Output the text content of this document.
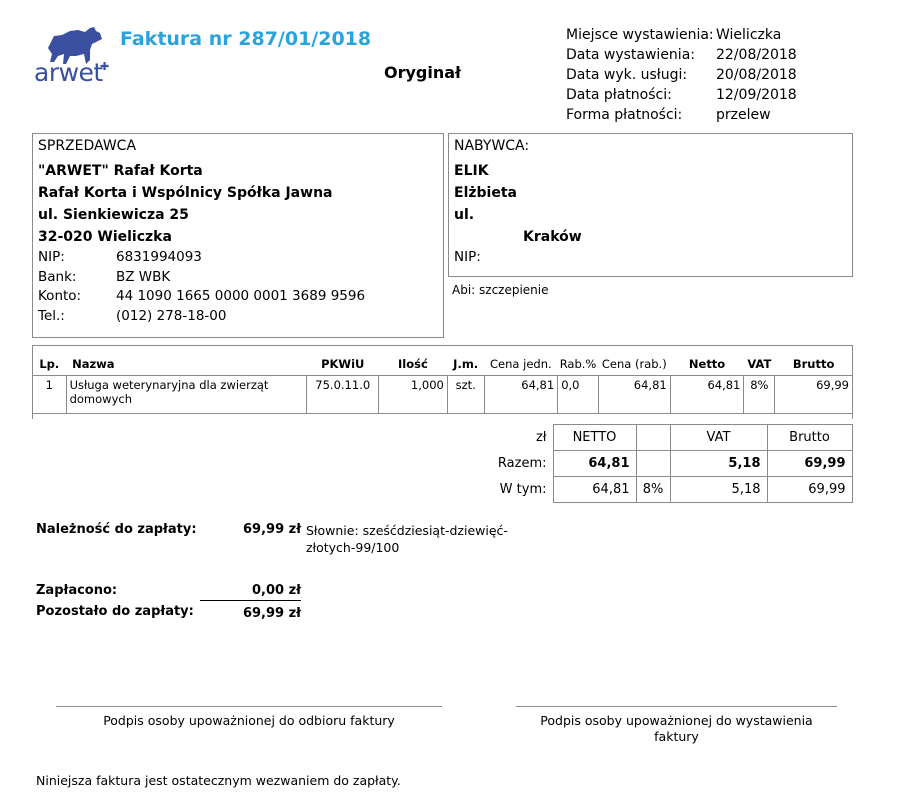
arwet
✚
Faktura nr 287/01/2018
Oryginał
Miejsce wystawienia: Wieliczka
Data wystawienia:	22/08/2018
Data wyk. usługi:	20/08/2018
Data płatności:	12/09/2018
Forma płatności:	przelew
SPRZEDAWCA
"ARWET" Rafał Korta
Rafał Korta i Wspólnicy Spółka Jawna
ul. Sienkiewicza 25
32-020 Wieliczka
NIP:	6831994093
Bank:	BZ WBK
Konto:	44 1090 1665 0000 0001 3689 9596
Tel.:	(012) 278-18-00
NABYWCA:
ELIK
Elżbieta
ul.
Kraków
NIP:
Abi: szczepienie
Lp.	Nazwa	PKWiU	Ilość	J.m.	Cena jedn.	Rab.%	Cena (rab.)	Netto	VAT	Brutto
1	Usługa weterynaryjna dla zwierząt domowych	75.0.11.0	1,000	szt.	64,81	0,0	64,81	64,81	8%	69,99
zł	NETTO		VAT	Brutto
Razem:	64,81		5,18	69,99
W tym:	64,81	8%	5,18	69,99
Należność do zapłaty:	69,99 zł Słownie: sześćdziesiąt-dziewięć-złotych-99/100
Zapłacono:	0,00 zł
Pozostało do zapłaty:	69,99 zł
Podpis osoby upoważnionej do odbioru faktury	Podpis osoby upoważnionej do wystawienia faktury
Niniejsza faktura jest ostatecznym wezwaniem do zapłaty.
